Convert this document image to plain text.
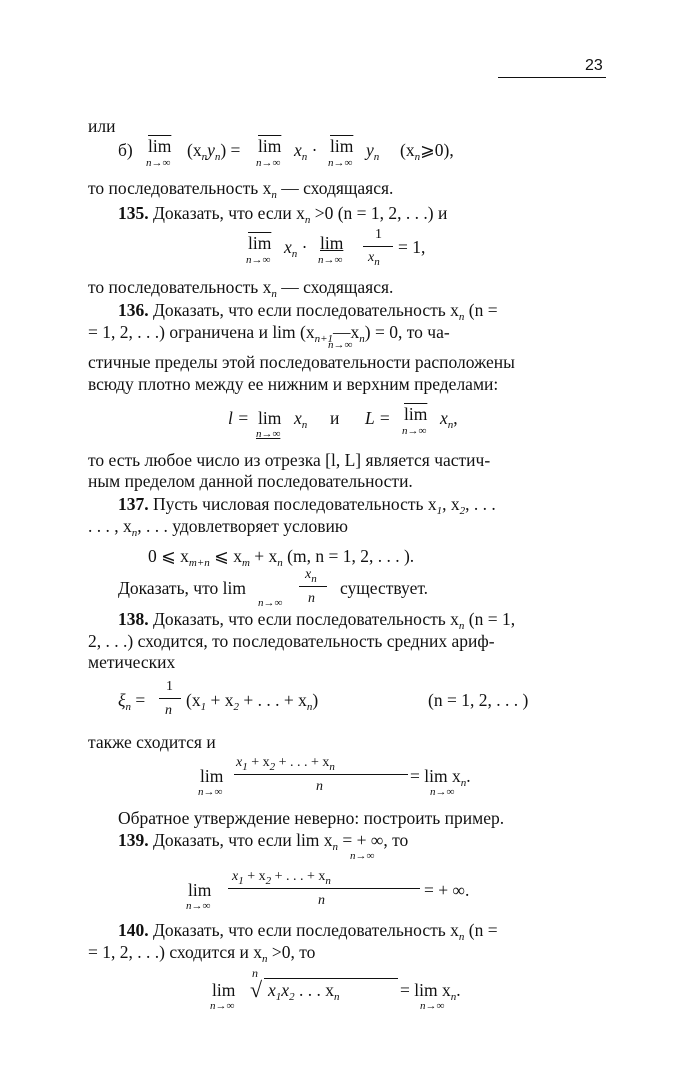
23
или
б) $\overline{lim}$
n→∞
$(x_ny_n) = \overline{lim}$
n→∞
$x_n \cdot \overline{lim}$
n→∞
$y_n$ $(x_n⩾0)$,
то последовательность $x_n$ — сходящаяся.
135. Доказать, что если $x_n >0$ (n = 1, 2, . . .) и
$\overline{lim}$
n→∞
$x_n \cdot \lim$
n→∞
1
$x_n$
= 1,
то последовательность $x_n$ — сходящаяся.
136. Доказать, что если последовательность $x_n$ (n =
= 1, 2, . . .) ограничена и $\lim (x_{n+1}—x_n) = 0$, то ча-
n→∞
стичные пределы этой последовательности расположены
всюду плотно между ее нижним и верхним пределами:
l = lim
n→∞
$x_n$ и $L = \overline{lim}$
n→∞
$x_n$,
то есть любое число из отрезка [l, L] является частич-
ным пределом данной последовательности.
137. Пусть числовая последовательность $x_1$, $x_2$, . . .
. . . , $x_n$, . . . удовлетворяет условию
0 ⩽ $x_{m+n}$ ⩽ $x_m + x_n$ (m, n = 1, 2, . . . ).
Доказать, что lim
n→∞
$x_n$
n
существует.
138. Доказать, что если последовательность $x_n$ (n = 1,
2, . . .) сходится, то последовательность средних ариф-
метических
$\xi_n$ =
1
n
($x_1 + x_2$ + . . . + $x_n$)	(n = 1, 2, . . . )
также сходится и
lim
n→∞
$x_1 + x_2$ + . . . + $x_n$
n
= $\lim x_n$.
n→∞
Обратное утверждение неверно: построить пример.
139. Доказать, что если $\lim x_n$ = + ∞, то
n→∞
lim
n→∞
$x_1 + x_2$ + . . . + $x_n$
n
= + ∞.
140. Доказать, что если последовательность $x_n$ (n =
= 1, 2, . . .) сходится и $x_n >0$, то
lim
n→∞
n
√ $x_1x_2$ . . . $x_n$	= $\lim x_n$.
n→∞
